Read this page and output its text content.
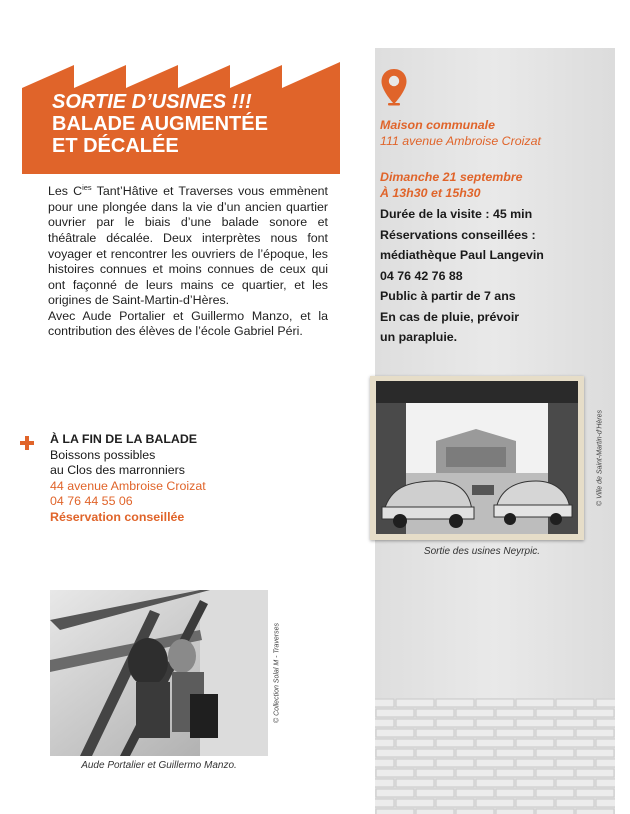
SORTIE D’USINES !!!
BALADE AUGMENTÉE
ET DÉCALÉE

Les $C^{ies}$ Tant’Hâtive et Traverses vous emmènent pour une plongée dans la vie d’un ancien quartier ouvrier par le biais d’une balade sonore et théâtrale décalée. Deux interprètes nous font voyager et rencontrer les ouvriers de l’époque, les histoires connues et moins connues de ceux qui ont façonné de leurs mains ce quartier, et les origines de Saint-Martin-d’Hères.

Avec Aude Portalier et Guillermo Manzo, et la contribution des élèves de l’école Gabriel Péri.

À LA FIN DE LA BALADE
Boissons possibles
au Clos des marronniers
44 avenue Ambroise Croizat
04 76 44 55 06
Réservation conseillée
© Collection Solal M - Traverses
Aude Portalier et Guillermo Manzo.
Maison communale
111 avenue Ambroise Croizat
Dimanche 21 septembre
À 13h30 et 15h30
Durée de la visite : 45 min
Réservations conseillées :
médiathèque Paul Langevin
04 76 42 76 88
Public à partir de 7 ans
En cas de pluie, prévoir
un parapluie.
© Ville de Saint-Martin-d’Hères
Sortie des usines Neyrpic.
